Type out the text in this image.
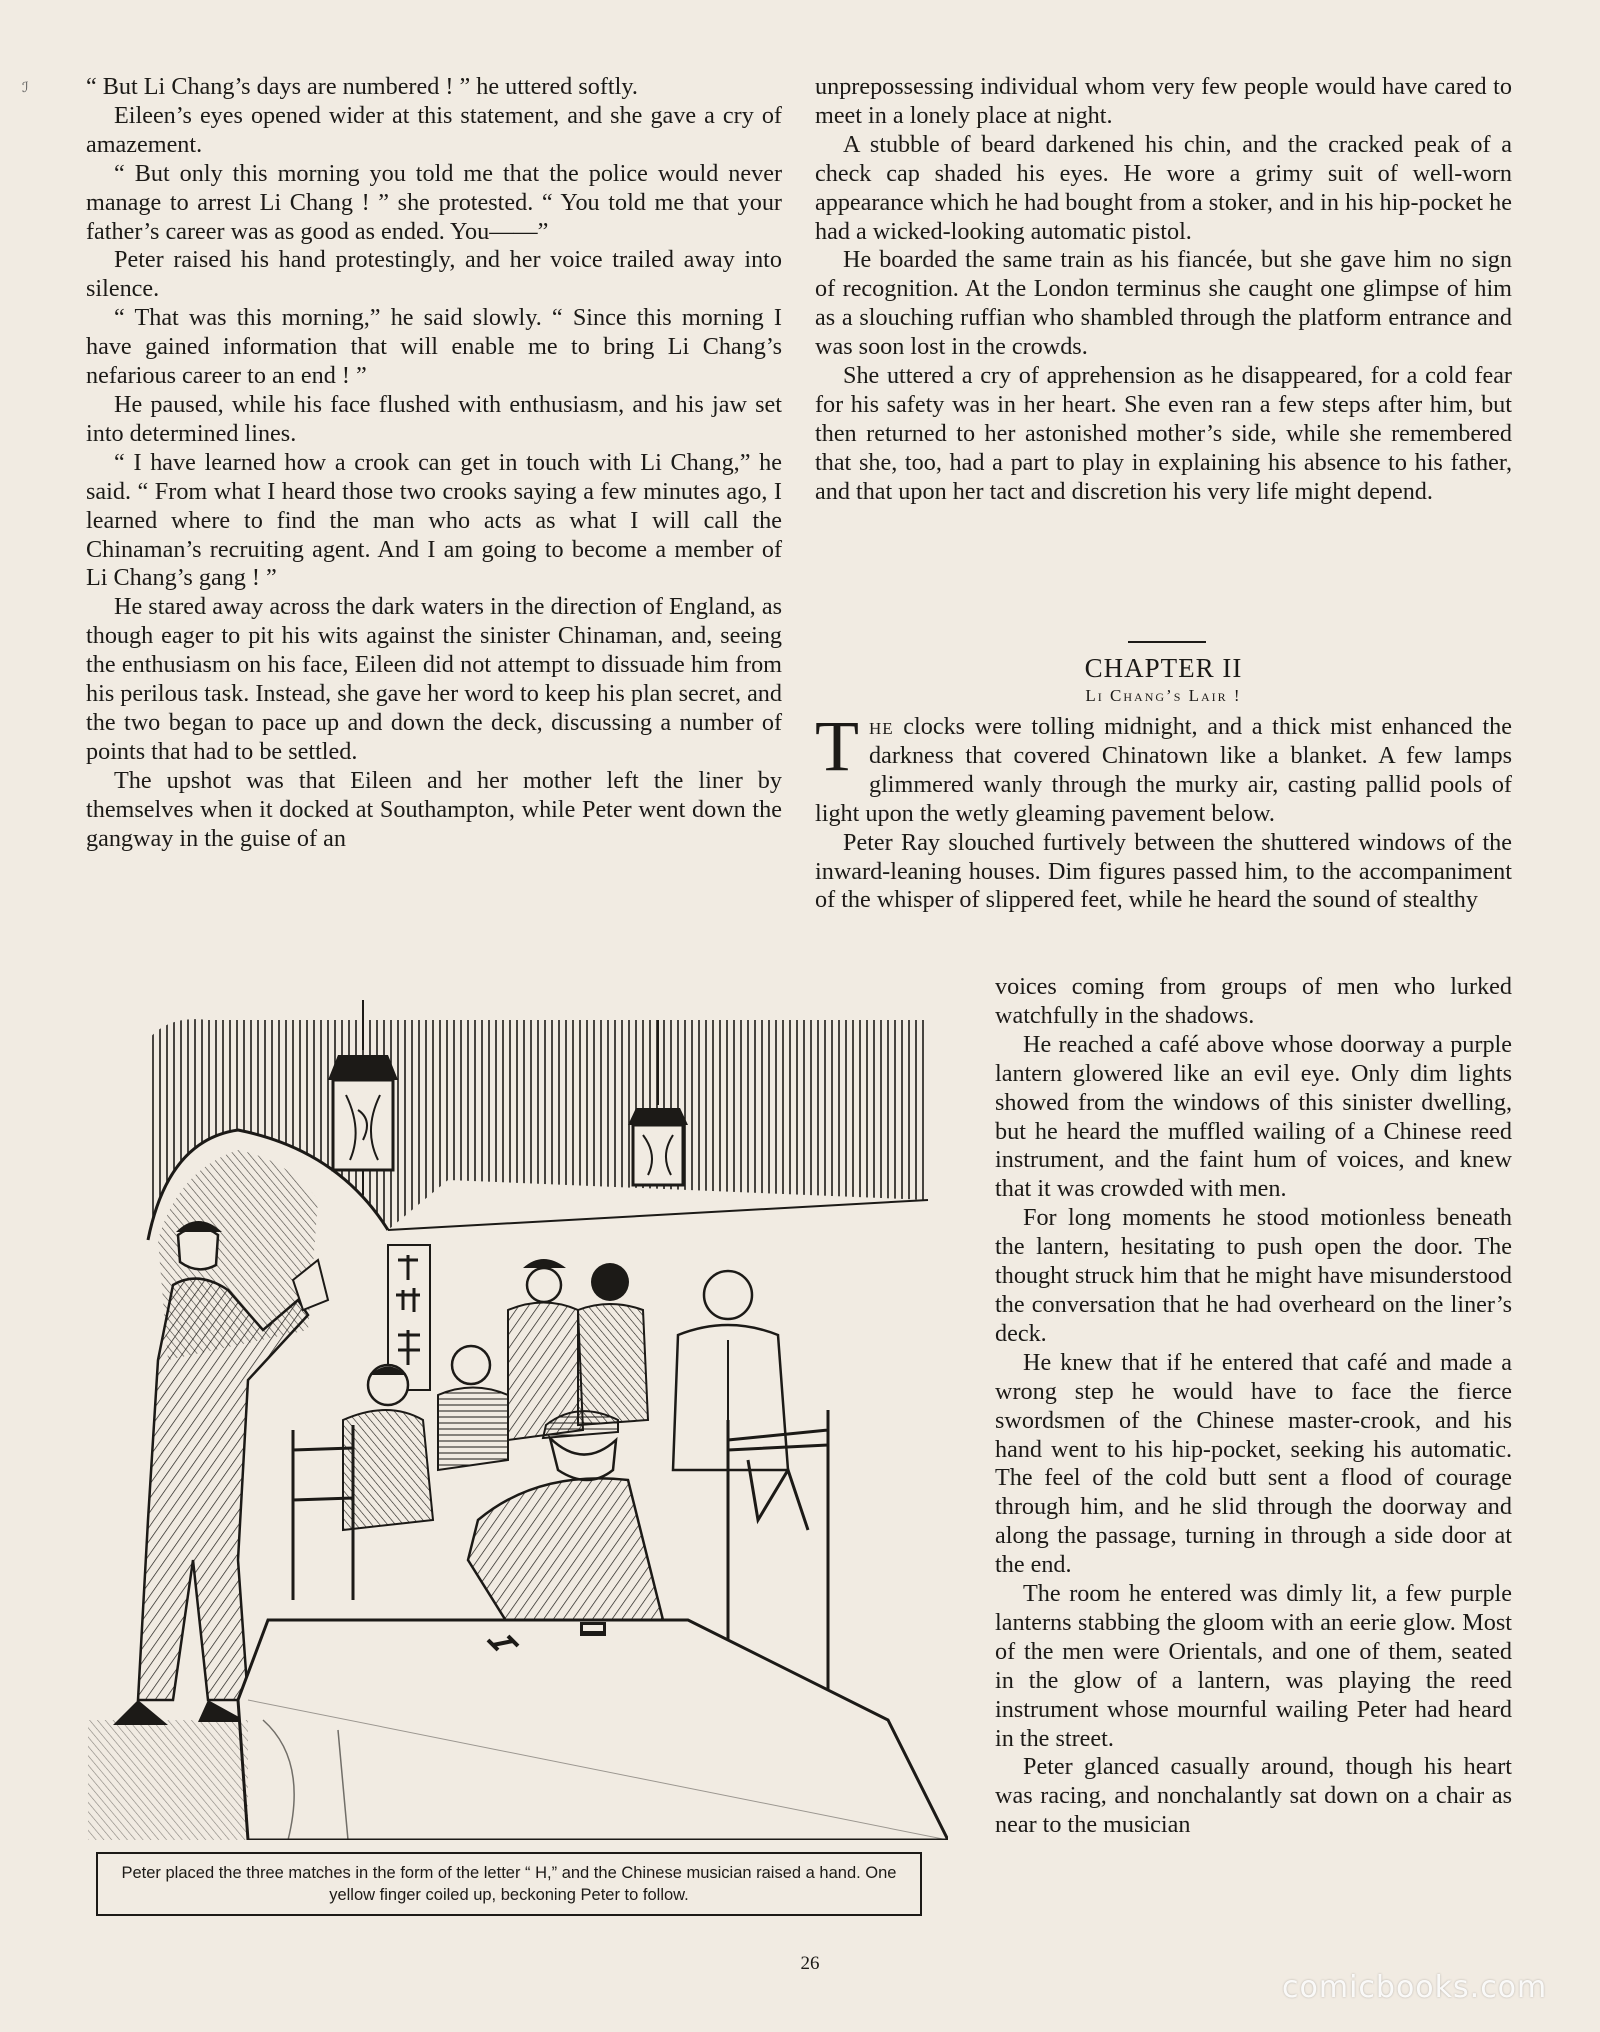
ℐ “ But Li Chang’s days are numbered ! ” he uttered softly.

Eileen’s eyes opened wider at this statement, and she gave a cry of amazement.

“ But only this morning you told me that the police would never manage to arrest Li Chang ! ” she protested. “ You told me that your father’s career was as good as ended. You——”

Peter raised his hand protestingly, and her voice trailed away into silence.

“ That was this morning,” he said slowly. “ Since this morning I have gained information that will enable me to bring Li Chang’s nefarious career to an end ! ”

He paused, while his face flushed with enthusiasm, and his jaw set into determined lines.

“ I have learned how a crook can get in touch with Li Chang,” he said. “ From what I heard those two crooks saying a few minutes ago, I learned where to find the man who acts as what I will call the Chinaman’s recruiting agent. And I am going to become a member of Li Chang’s gang ! ”

He stared away across the dark waters in the direction of England, as though eager to pit his wits against the sinister Chinaman, and, seeing the enthusiasm on his face, Eileen did not attempt to dissuade him from his perilous task. Instead, she gave her word to keep his plan secret, and the two began to pace up and down the deck, discussing a number of points that had to be settled.

The upshot was that Eileen and her mother left the liner by themselves when it docked at Southampton, while Peter went down the gangway in the guise of an

unprepossessing individual whom very few people would have cared to meet in a lonely place at night.

A stubble of beard darkened his chin, and the cracked peak of a check cap shaded his eyes. He wore a grimy suit of well-worn appearance which he had bought from a stoker, and in his hip-pocket he had a wicked-looking automatic pistol.

He boarded the same train as his fiancée, but she gave him no sign of recognition. At the London terminus she caught one glimpse of him as a slouching ruffian who shambled through the platform entrance and was soon lost in the crowds.

She uttered a cry of apprehension as he disappeared, for a cold fear for his safety was in her heart. She even ran a few steps after him, but then returned to her astonished mother’s side, while she remembered that she, too, had a part to play in explaining his absence to his father, and that upon her tact and discretion his very life might depend.

CHAPTER II
Li Chang’s Lair !

The clocks were tolling midnight, and a thick mist enhanced the darkness that covered Chinatown like a blanket. A few lamps glimmered wanly through the murky air, casting pallid pools of light upon the wetly gleaming pavement below.

Peter Ray slouched furtively between the shuttered windows of the inward-leaning houses. Dim figures passed him, to the accompaniment of the whisper of slippered feet, while he heard the sound of stealthy

voices coming from groups of men who lurked watchfully in the shadows.

He reached a café above whose doorway a purple lantern glowered like an evil eye. Only dim lights showed from the windows of this sinister dwelling, but he heard the muffled wailing of a Chinese reed instrument, and the faint hum of voices, and knew that it was crowded with men.

For long moments he stood motionless beneath the lantern, hesitating to push open the door. The thought struck him that he might have misunderstood the conversation that he had overheard on the liner’s deck.

He knew that if he entered that café and made a wrong step he would have to face the fierce swordsmen of the Chinese master-crook, and his hand went to his hip-pocket, seeking his automatic. The feel of the cold butt sent a flood of courage through him, and he slid through the doorway and along the passage, turning in through a side door at the end.

The room he entered was dimly lit, a few purple lanterns stabbing the gloom with an eerie glow. Most of the men were Orientals, and one of them, seated in the glow of a lantern, was playing the reed instrument whose mournful wailing Peter had heard in the street.

Peter glanced casually around, though his heart was racing, and nonchalantly sat down on a chair as near to the musician

Peter placed the three matches in the form of the letter “ H,” and the Chinese musician raised a hand. One yellow finger coiled up, beckoning Peter to follow.
26
comicbooks.com
